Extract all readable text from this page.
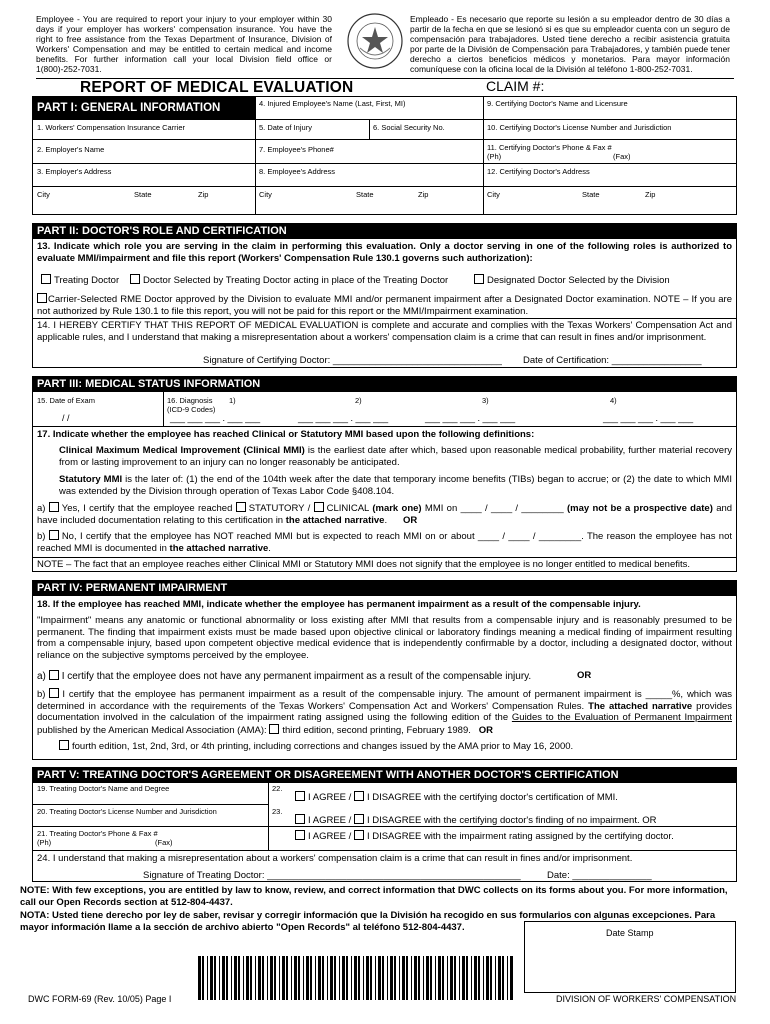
Employee - You are required to report your injury to your employer within 30 days if your employer has workers' compensation insurance. You have the right to free assistance from the Texas Department of Insurance, Division of Workers' Compensation and may be entitled to certain medical and income benefits. For further information call your local Division field office or 1(800)-252-7031.
Empleado - Es necesario que reporte su lesión a su empleador dentro de 30 días a partir de la fecha en que se lesionó si es que su empleador cuenta con un seguro de compensación para trabajadores. Usted tiene derecho a recibir asistencia gratuita por parte de la División de Compensación para Trabajadores, y también puede tener derecho a ciertos beneficios médicos y monetarios. Para mayor información comuníquese con la oficina local de la División al teléfono 1-800-252-7031.
REPORT OF MEDICAL EVALUATION	CLAIM #:
PART I: GENERAL INFORMATION	4. Injured Employee's Name (Last, First, MI)	9. Certifying Doctor's Name and Licensure
1. Workers' Compensation Insurance Carrier	5. Date of Injury	6. Social Security No.	10. Certifying Doctor's License Number and Jurisdiction
2. Employer's Name	7. Employee's Phone#	11. Certifying Doctor's Phone & Fax #
(Ph)	(Fax)
3. Employer's Address	8. Employee's Address	12. Certifying Doctor's Address
City	State	Zip	City	State	Zip	City	State	Zip
PART II: DOCTOR'S ROLE AND CERTIFICATION
13. Indicate which role you are serving in the claim in performing this evaluation. Only a doctor serving in one of the following roles is authorized to evaluate MMI/impairment and file this report (Workers' Compensation Rule 130.1 governs such authorization):
Treating Doctor	Doctor Selected by Treating Doctor acting in place of the Treating Doctor	Designated Doctor Selected by the Division
Carrier-Selected RME Doctor approved by the Division to evaluate MMI and/or permanent impairment after a Designated Doctor examination. NOTE – If you are not authorized by Rule 130.1 to file this report, you will not be paid for this report or the MMI/Impairment examination.
14. I HEREBY CERTIFY THAT THIS REPORT OF MEDICAL EVALUATION is complete and accurate and complies with the Texas Workers' Compensation Act and applicable rules, and I understand that making a misrepresentation about a workers' compensation claim is a crime that can result in fines and/or imprisonment.
Signature of Certifying Doctor: ________________________________ Date of Certification: _________________
PART III: MEDICAL STATUS INFORMATION
15. Date of Exam	16. Diagnosis
(ICD-9 Codes)
1)	2)	3)	4)
/ /	___ ___ ___ . ___ ___	___ ___ ___ . ___ ___	___ ___ ___ . ___ ___	___ ___ ___ . ___ ___
17. Indicate whether the employee has reached Clinical or Statutory MMI based upon the following definitions:
Clinical Maximum Medical Improvement (Clinical MMI) is the earliest date after which, based upon reasonable medical probability, further material recovery from or lasting improvement to an injury can no longer reasonably be anticipated.
Statutory MMI is the later of: (1) the end of the 104th week after the date that temporary income benefits (TIBs) began to accrue; or (2) the date to which MMI was extended by the Division through operation of Texas Labor Code §408.104.
a) Yes, I certify that the employee reached STATUTORY / CLINICAL (mark one) MMI on ____ / ____ / ________ (may not be a prospective date) and have included documentation relating to this certification in the attached narrative.      OR
b) No, I certify that the employee has NOT reached MMI but is expected to reach MMI on or about ____ / ____ / ________. The reason the employee has not reached MMI is documented in the attached narrative.
NOTE – The fact that an employee reaches either Clinical MMI or Statutory MMI does not signify that the employee is no longer entitled to medical benefits.
PART IV: PERMANENT IMPAIRMENT
18. If the employee has reached MMI, indicate whether the employee has permanent impairment as a result of the compensable injury.
"Impairment" means any anatomic or functional abnormality or loss existing after MMI that results from a compensable injury and is reasonably presumed to be permanent. The finding that impairment exists must be made based upon objective clinical or laboratory findings meaning a medical finding of impairment resulting from a compensable injury, based upon competent objective medical evidence that is independently confirmable by a doctor, including a designated doctor, without reliance on the subjective symptoms perceived by the employee.
a) I certify that the employee does not have any permanent impairment as a result of the compensable injury.	OR
b) I certify that the employee has permanent impairment as a result of the compensable injury. The amount of permanent impairment is _____%, which was determined in accordance with the requirements of the Texas Workers' Compensation Act and Workers' Compensation Rules. The attached narrative provides documentation involved in the calculation of the impairment rating assigned using the following edition of the Guides to the Evaluation of Permanent Impairment published by the American Medical Association (AMA): third edition, second printing, February 1989. OR
fourth edition, 1st, 2nd, 3rd, or 4th printing, including corrections and changes issued by the AMA prior to May 16, 2000.
PART V: TREATING DOCTOR'S AGREEMENT OR DISAGREEMENT WITH ANOTHER DOCTOR'S CERTIFICATION
19. Treating Doctor's Name and Degree
20. Treating Doctor's License Number and Jurisdiction
21. Treating Doctor's Phone & Fax #
(Ph)	(Fax)
22.
I AGREE / I DISAGREE with the certifying doctor's certification of MMI.
23.
I AGREE / I DISAGREE with the certifying doctor's finding of no impairment. OR
I AGREE / I DISAGREE with the impairment rating assigned by the certifying doctor.
24. I understand that making a misrepresentation about a workers' compensation claim is a crime that can result in fines and/or imprisonment.
Signature of Treating Doctor: ________________________________________________	Date: _______________
NOTE: With few exceptions, you are entitled by law to know, review, and correct information that DWC collects on its forms about you. For more information, call our Open Records section at 512-804-4437.
NOTA: Usted tiene derecho por ley de saber, revisar y corregir información que la División ha recogido en sus formularios con algunas excepciones. Para mayor información llame a la sección de archivo abierto "Open Records" al teléfono 512-804-4437.
Date Stamp
DWC FORM-69 (Rev. 10/05) Page I	DIVISION OF WORKERS' COMPENSATION
